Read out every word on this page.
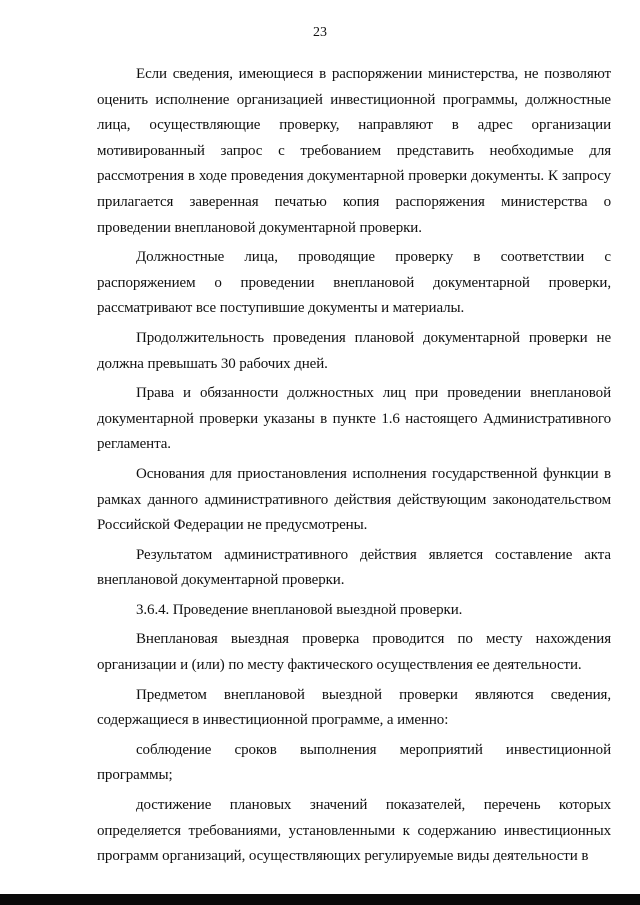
23

Если сведения, имеющиеся в распоряжении министерства, не позволяют оценить исполнение организацией инвестиционной программы, должностные лица, осуществляющие проверку, направляют в адрес организации мотивированный запрос с требованием представить необходимые для рассмотрения в ходе проведения документарной проверки документы. К запросу прилагается заверенная печатью копия распоряжения министерства о проведении внеплановой документарной проверки.

Должностные лица, проводящие проверку в соответствии с распоряжением о проведении внеплановой документарной проверки, рассматривают все поступившие документы и материалы.

Продолжительность проведения плановой документарной проверки не должна превышать 30 рабочих дней.

Права и обязанности должностных лиц при проведении внеплановой документарной проверки указаны в пункте 1.6 настоящего Административного регламента.

Основания для приостановления исполнения государственной функции в рамках данного административного действия действующим законодательством Российской Федерации не предусмотрены.

Результатом административного действия является составление акта внеплановой документарной проверки.

3.6.4. Проведение внеплановой выездной проверки.

Внеплановая выездная проверка проводится по месту нахождения организации и (или) по месту фактического осуществления ее деятельности.

Предметом внеплановой выездной проверки являются сведения, содержащиеся в инвестиционной программе, а именно:

соблюдение сроков выполнения мероприятий инвестиционной программы;

достижение плановых значений показателей, перечень которых определяется требованиями, установленными к содержанию инвестиционных программ организаций, осуществляющих регулируемые виды деятельности в
